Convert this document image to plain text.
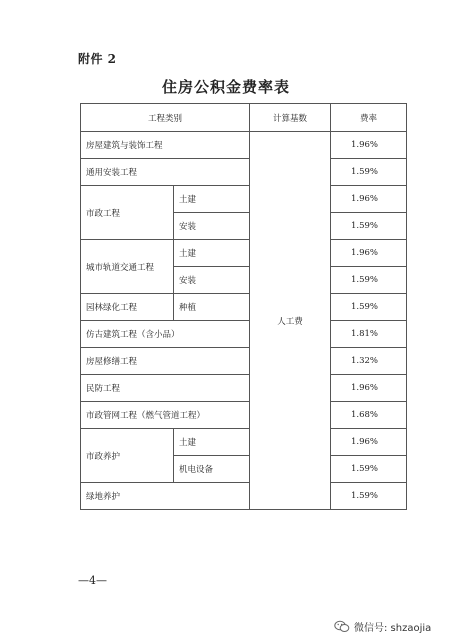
附件 2
住房公积金费率表
工程类别		计算基数	费率
房屋建筑与装饰工程		人工费	1.96%
通用安装工程			1.59%
市政工程	土建		1.96%
	安装		1.59%
城市轨道交通工程	土建		1.96%
	安装		1.59%
园林绿化工程	种植		1.59%
仿古建筑工程（含小品）			1.81%
房屋修缮工程			1.32%
民防工程			1.96%
市政管网工程（燃气管道工程）			1.68%
市政养护	土建		1.96%
	机电设备		1.59%
绿地养护			1.59%
—4—
微信号: shzaojia
